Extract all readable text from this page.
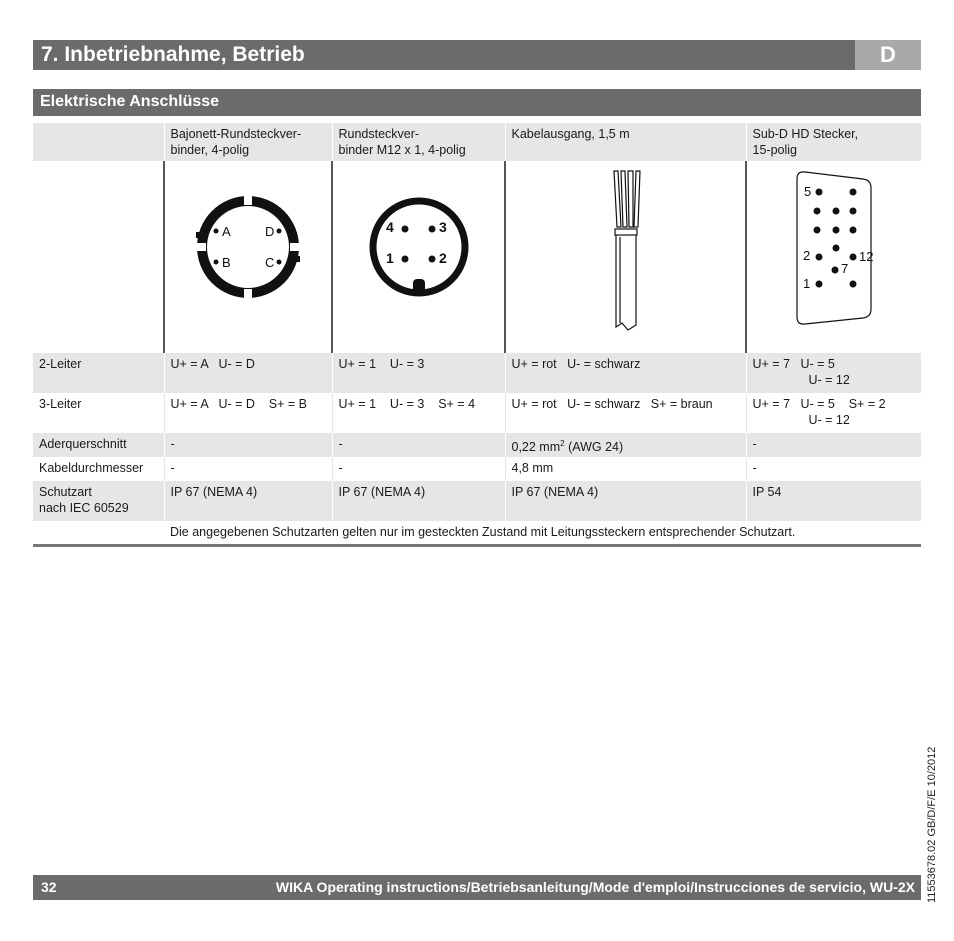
7. Inbetriebnahme, Betrieb	D
Elektrische Anschlüsse
	Bajonett-Rundsteckver-
binder, 4-polig	Rundsteckver-
binder M12 x 1, 4-polig	Kabelausgang, 1,5 m	Sub-D HD Stecker,
15-polig

A D
B C	4 3
1 2		5
2 12
7
1

2-Leiter	U+ = A   U- = D	U+ = 1    U- = 3	U+ = rot   U- = schwarz	U+ = 7   U- = 5
U- = 12

3-Leiter	U+ = A   U- = D    S+ = B	U+ = 1    U- = 3    S+ = 4	U+ = rot   U- = schwarz   S+ = braun	U+ = 7   U- = 5    S+ = 2
U- = 12

Aderquerschnitt	-	-	0,22 $mm^2$ (AWG 24)	-
Kabeldurchmesser	-	-	4,8 mm	-

Schutzart
nach IEC 60529	IP 67 (NEMA 4)	IP 67 (NEMA 4)	IP 67 (NEMA 4)	IP 54
	Die angegebenen Schutzarten gelten nur im gesteckten Zustand mit Leitungssteckern entsprechender Schutzart.			
32	WIKA Operating instructions/Betriebsanleitung/Mode d'emploi/Instrucciones de servicio, WU-2X 11553678.02 GB/D/F/E 10/2012
